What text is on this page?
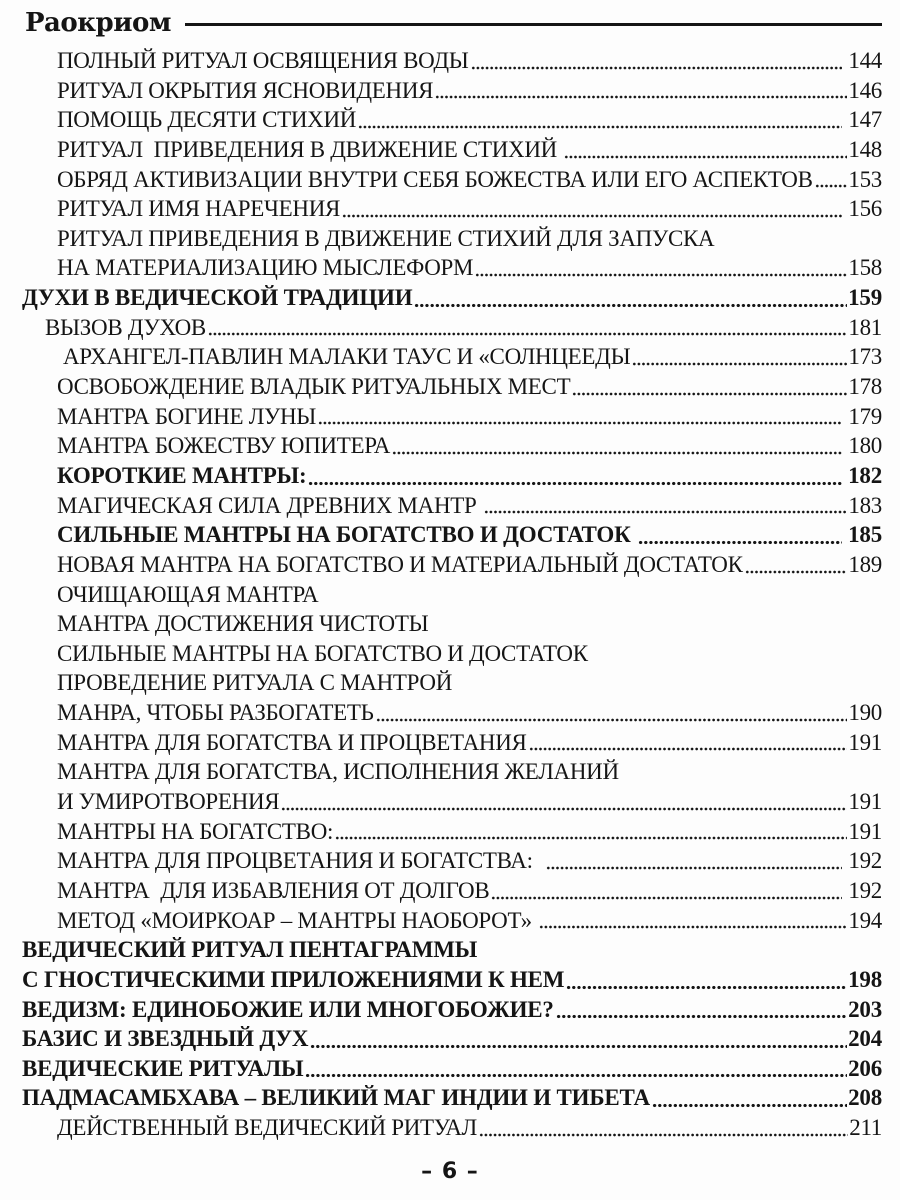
Раокриом
ПОЛНЫЙ РИТУАЛ ОСВЯЩЕНИЯ ВОДЫ	144
РИТУАЛ ОКРЫТИЯ ЯСНОВИДЕНИЯ	146
ПОМОЩЬ ДЕСЯТИ СТИХИЙ	147
РИТУАЛ  ПРИВЕДЕНИЯ В ДВИЖЕНИЕ СТИХИЙ	148
ОБРЯД АКТИВИЗАЦИИ ВНУТРИ СЕБЯ БОЖЕСТВА ИЛИ ЕГО АСПЕКТОВ 153
РИТУАЛ ИМЯ НАРЕЧЕНИЯ	156
РИТУАЛ ПРИВЕДЕНИЯ В ДВИЖЕНИЕ СТИХИЙ ДЛЯ ЗАПУСКА
НА МАТЕРИАЛИЗАЦИЮ МЫСЛЕФОРМ	158
ДУХИ В ВЕДИЧЕСКОЙ ТРАДИЦИИ	159
ВЫЗОВ ДУХОВ	181
АРХАНГЕЛ-ПАВЛИН МАЛАКИ ТАУС И «СОЛНЦЕЕДЫ	173
ОСВОБОЖДЕНИЕ ВЛАДЫК РИТУАЛЬНЫХ МЕСТ	178
МАНТРА БОГИНЕ ЛУНЫ	179
МАНТРА БОЖЕСТВУ ЮПИТЕРА	180
КОРОТКИЕ МАНТРЫ:	182
МАГИЧЕСКАЯ СИЛА ДРЕВНИХ МАНТР	183
СИЛЬНЫЕ МАНТРЫ НА БОГАТСТВО И ДОСТАТОК	185
НОВАЯ МАНТРА НА БОГАТСТВО И МАТЕРИАЛЬНЫЙ ДОСТАТОК	189
ОЧИЩАЮЩАЯ МАНТРА
МАНТРА ДОСТИЖЕНИЯ ЧИСТОТЫ
СИЛЬНЫЕ МАНТРЫ НА БОГАТСТВО И ДОСТАТОК
ПРОВЕДЕНИЕ РИТУАЛА С МАНТРОЙ
МАНРА, ЧТОБЫ РАЗБОГАТЕТЬ	190
МАНТРА ДЛЯ БОГАТСТВА И ПРОЦВЕТАНИЯ	191
МАНТРА ДЛЯ БОГАТСТВА, ИСПОЛНЕНИЯ ЖЕЛАНИЙ
И УМИРОТВОРЕНИЯ	191
МАНТРЫ НА БОГАТСТВО:	191
МАНТРА ДЛЯ ПРОЦВЕТАНИЯ И БОГАТСТВА:	192
МАНТРА  ДЛЯ ИЗБАВЛЕНИЯ ОТ ДОЛГОВ	192
МЕТОД «МОИРКОАР – МАНТРЫ НАОБОРОТ»	194
ВЕДИЧЕСКИЙ РИТУАЛ ПЕНТАГРАММЫ
С ГНОСТИЧЕСКИМИ ПРИЛОЖЕНИЯМИ К НЕМ	198
ВЕДИЗМ: ЕДИНОБОЖИЕ ИЛИ МНОГОБОЖИЕ?	203
БАЗИС И ЗВЕЗДНЫЙ ДУХ	204
ВЕДИЧЕСКИЕ РИТУАЛЫ	206
ПАДМАСАМБХАВА – ВЕЛИКИЙ МАГ ИНДИИ И ТИБЕТА	208
ДЕЙСТВЕННЫЙ ВЕДИЧЕСКИЙ РИТУАЛ	211
– 6 –
